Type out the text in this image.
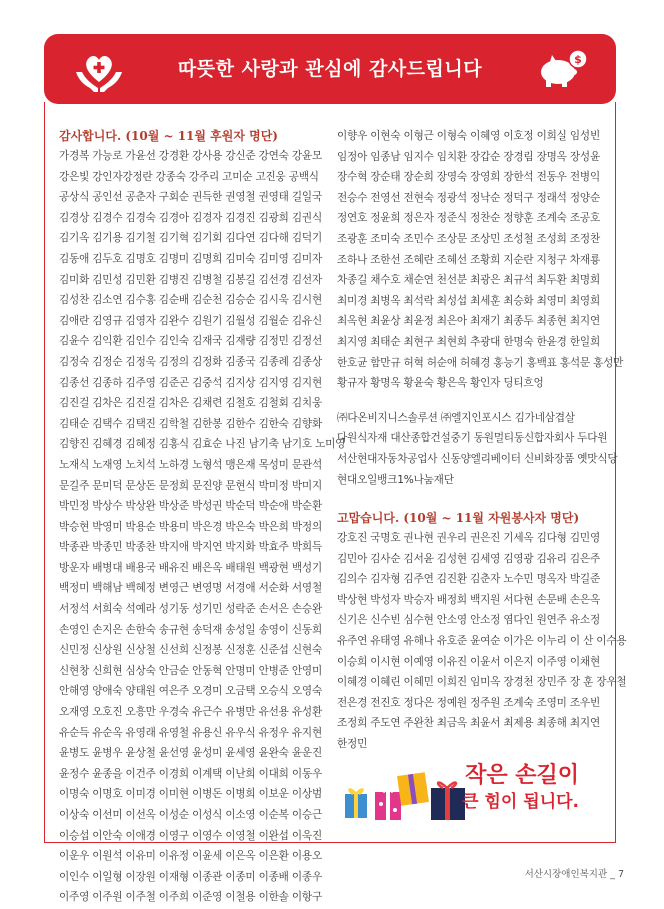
따뜻한 사랑과 관심에 감사드립니다	$
감사합니다. (10월 ~ 11월 후원자 명단)
가경복 가능로 가윤선 강경환 강사용 강신준 강연숙 강윤모
강은빛 강인자강정란 강종숙 강주리 고미순 고진웅 공백식
공상식 공인선 공춘자 구회순 권득한 권영철 권영태 길일국
김경상 김경수 김경숙 김경아 김경자 김경진 김광희 김권식
김기옥 김기용 김기철 김기혁 김기회 김다연 김다해 김덕기
김동애 김두호 김명호 김명미 김명희 김미숙 김미영 김미자
김미화 김민성 김민환 김병진 김병철 김봉길 김선경 김선자
김성찬 김소연 김수홍 김순배 김순천 김승순 김시욱 김시현
김애란 김영규 김영자 김완수 김원기 김월성 김월순 김유신
김윤수 김익환 김인수 김인숙 김재국 김재량 김정민 김정선
김정숙 김정순 김정욱 김정의 김정화 김종국 김종례 김종상
김종선 김종하 김주영 김준곤 김중석 김지상 김지영 김지현
김진걸 김차은 김진걸 김차은 김채련 김철호 김철회 김치웅
김태순 김택수 김택진 김학철 김한봉 김한수 김한숙 김향화
김향진 김혜경 김혜정 김홍식 김효순 나진 남기축 남기호 노미영
노재식 노재영 노치석 노하경 노형석 맹은재 목성미 문관석
문길주 문미덕 문상돈 문정희 문진양 문현식 박미정 박미지
박민정 박상수 박상완 박상준 박성권 박순덕 박순애 박순환
박승현 박영미 박용순 박용미 박은경 박은숙 박은희 박정의
박종관 박종민 박종찬 박지애 박지연 박지화 박효주 박희득
방운자 배병대 배용국 배유진 배은옥 배태원 백광현 백성기
백정미 백해남 백혜정 변영근 변영명 서경애 서순화 서영철
서정석 서희숙 석예라 성기동 성기민 성락준 손서은 손승완
손영인 손지은 손한숙 송규현 송덕재 송성일 송영이 신동희
신민정 신상원 신상철 신선희 신정봉 신정훈 신준섭 신현숙
신현창 신희현 심상숙 안금순 안동혁 안명미 안병준 안영미
안해영 양애숙 양태원 여은주 오경미 오금택 오승식 오영숙
오재영 오호진 오흥만 우경숙 유근수 유병만 유선용 유성환
유순득 유순옥 유영래 유영철 유용신 유우식 유정우 유지현
윤병도 윤병우 윤상철 윤선영 윤성미 윤세영 윤완숙 윤운진
윤정수 윤종을 이건주 이경희 이계택 이난희 이대희 이동우
이명숙 이명호 이미경 이미현 이병돈 이병희 이보운 이상범
이상숙 이선미 이선옥 이성순 이성식 이소영 이순복 이승근
이승섭 이안숙 이애경 이영구 이영수 이영철 이완섭 이욱진
이운우 이원석 이유미 이유정 이윤세 이은옥 이은환 이용오
이인수 이일형 이장원 이재형 이종관 이종미 이종배 이종우
이주영 이주원 이주철 이주희 이준영 이철용 이한솔 이항구
이향우 이현숙 이형근 이형숙 이혜영 이호정 이희실 임성빈
임정아 임종남 임지수 임치환 장갑순 장경림 장명옥 장성윤
장수혁 장순태 장순희 장영숙 장영희 장한석 전동우 전병익
전승수 전영선 전현숙 정광석 정낙순 정덕구 정래석 정양순
정연호 정윤희 정은자 정준식 정찬순 정향훈 조계숙 조공호
조광훈 조미숙 조민수 조상문 조상민 조성철 조성희 조정찬
조하나 조한선 조혜란 조혜선 조황희 지순란 지청구 차재룡
차종길 채수호 채순연 천선분 최광은 최규석 최두환 최명희
최미경 최병옥 최석락 최성섭 최세훈 최승화 최영미 최영희
최옥현 최윤상 최윤정 최은아 최재기 최종두 최종현 최지연
최지영 최태순 최현구 최현희 추광대 한명숙 한윤경 한일희
한호균 함만규 허혁 허순애 허혜경 홍능기 홍백표 홍석문 홍성만
황규자 황명옥 황윤숙 황은옥 황인자 딩티흐엉
㈜다온비지니스솔루션 ㈜엘지인포시스 김가네삼겹살
다원식자재 대산종합건설중기 동원멀티동신합자회사 두다원
서산현대자동차공업사 신동양엘리베이터 신비화장품 옛맛식당
현대오일뱅크1%나눔재단
고맙습니다. (10월 ~ 11월 자원봉사자 명단)
강호진 국명호 권나현 권우리 권은진 기세옥 김다형 김민영
김민아 김사순 김서윤 김성현 김세영 김영광 김유리 김은주
김의수 김자형 김주연 김진환 김춘자 노수민 명옥자 박길준
박상현 박성자 박승자 배정희 백지원 서다현 손문배 손은옥
신기은 신수빈 심수현 안소영 안소정 염다인 원연주 유소정
유주연 유태영 유해나 유호준 윤여순 이가은 이누리 이 산 이수용
이승희 이시현 이예영 이유진 이윤서 이은지 이주영 이채현
이혜경 이혜린 이혜민 이희진 임미옥 장경천 장민주 장 훈 장우철
전은경 전진호 정다은 정예원 정주원 조계숙 조영미 조우빈
조정희 주도연 주완찬 최금옥 최윤서 최제용 최종해 최지연
한정민
작은 손길이
큰 힘이 됩니다.
서산시장애인복지관 _ 7
